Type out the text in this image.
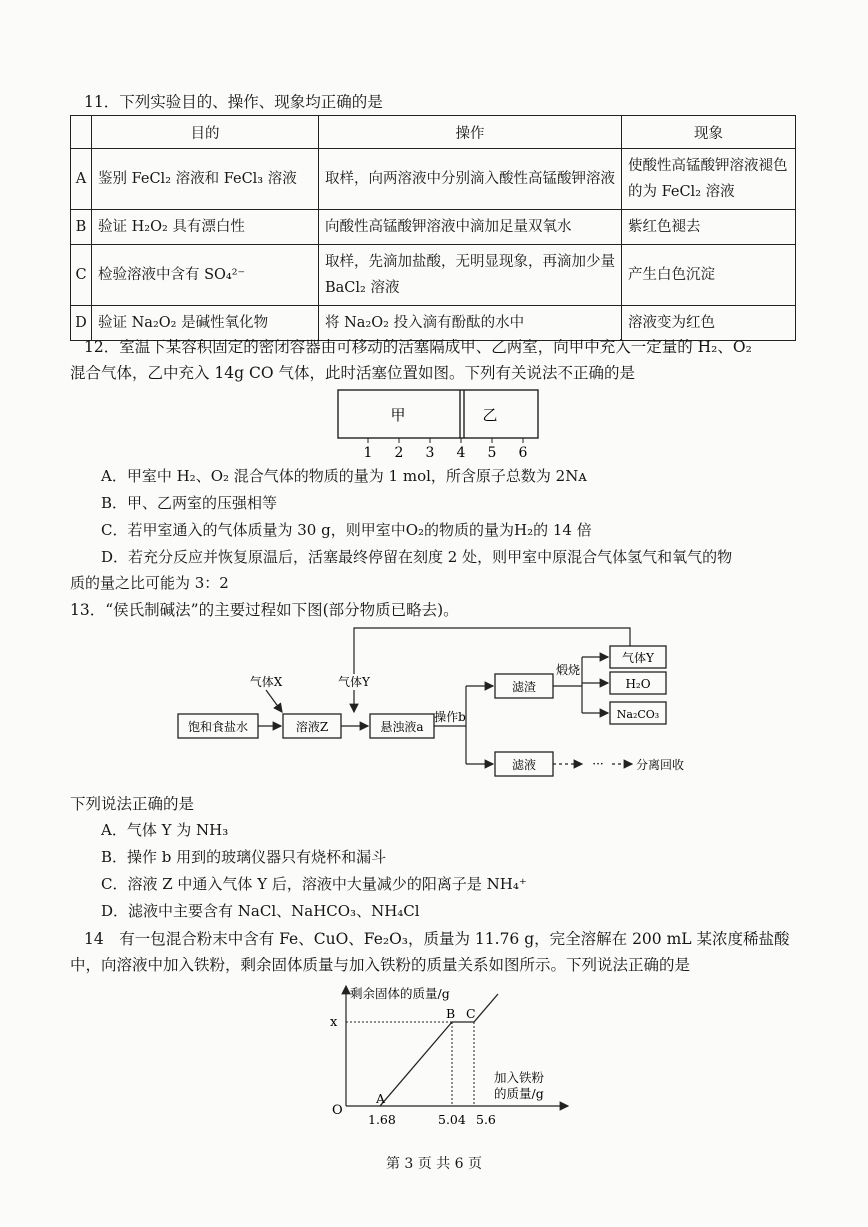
11．下列实验目的、操作、现象均正确的是
	目的	操作	现象
A	鉴别 FeCl₂ 溶液和 FeCl₃ 溶液	取样，向两溶液中分别滴入酸性高锰酸钾溶液	使酸性高锰酸钾溶液褪色的为 FeCl₂ 溶液
B	验证 H₂O₂ 具有漂白性	向酸性高锰酸钾溶液中滴加足量双氧水	紫红色褪去
C	检验溶液中含有 SO₄²⁻	取样，先滴加盐酸，无明显现象，再滴加少量 BaCl₂ 溶液	产生白色沉淀
D	验证 Na₂O₂ 是碱性氧化物	将 Na₂O₂ 投入滴有酚酞的水中	溶液变为红色
12．室温下某容积固定的密闭容器由可移动的活塞隔成甲、乙两室，向甲中充入一定量的 H₂、O₂
混合气体，乙中充入 14g CO 气体，此时活塞位置如图。下列有关说法不正确的是
甲	乙
1 2 3 4 5 6
A．甲室中 H₂、O₂ 混合气体的物质的量为 1 mol，所含原子总数为 2Nᴀ
B．甲、乙两室的压强相等
C．若甲室通入的气体质量为 30 g，则甲室中O₂的物质的量为H₂的 14 倍
D．若充分反应并恢复原温后，活塞最终停留在刻度 2 处，则甲室中原混合气体氢气和氧气的物
质的量之比可能为 3：2
13．“侯氏制碱法”的主要过程如下图(部分物质已略去)。
饱和食盐水	溶液Z	悬浊液a
滤渣
滤液
气体Y
H₂O
Na₂CO₃
操作b
气体X	气体Y
煅烧
···	分离回收
下列说法正确的是
A．气体 Y 为 NH₃
B．操作 b 用到的玻璃仪器只有烧杯和漏斗
C．溶液 Z 中通入气体 Y 后，溶液中大量减少的阳离子是 NH₄⁺
D．滤液中主要含有 NaCl、NaHCO₃、NH₄Cl
14　有一包混合粉末中含有 Fe、CuO、Fe₂O₃，质量为 11.76 g，完全溶解在 200 mL 某浓度稀盐酸
中，向溶液中加入铁粉，剩余固体质量与加入铁粉的质量关系如图所示。下列说法正确的是
剩余固体的质量/g
加入铁粉
的质量/g
O
x
A
B C
1.68	5.04 5.6
第 3 页 共 6 页
